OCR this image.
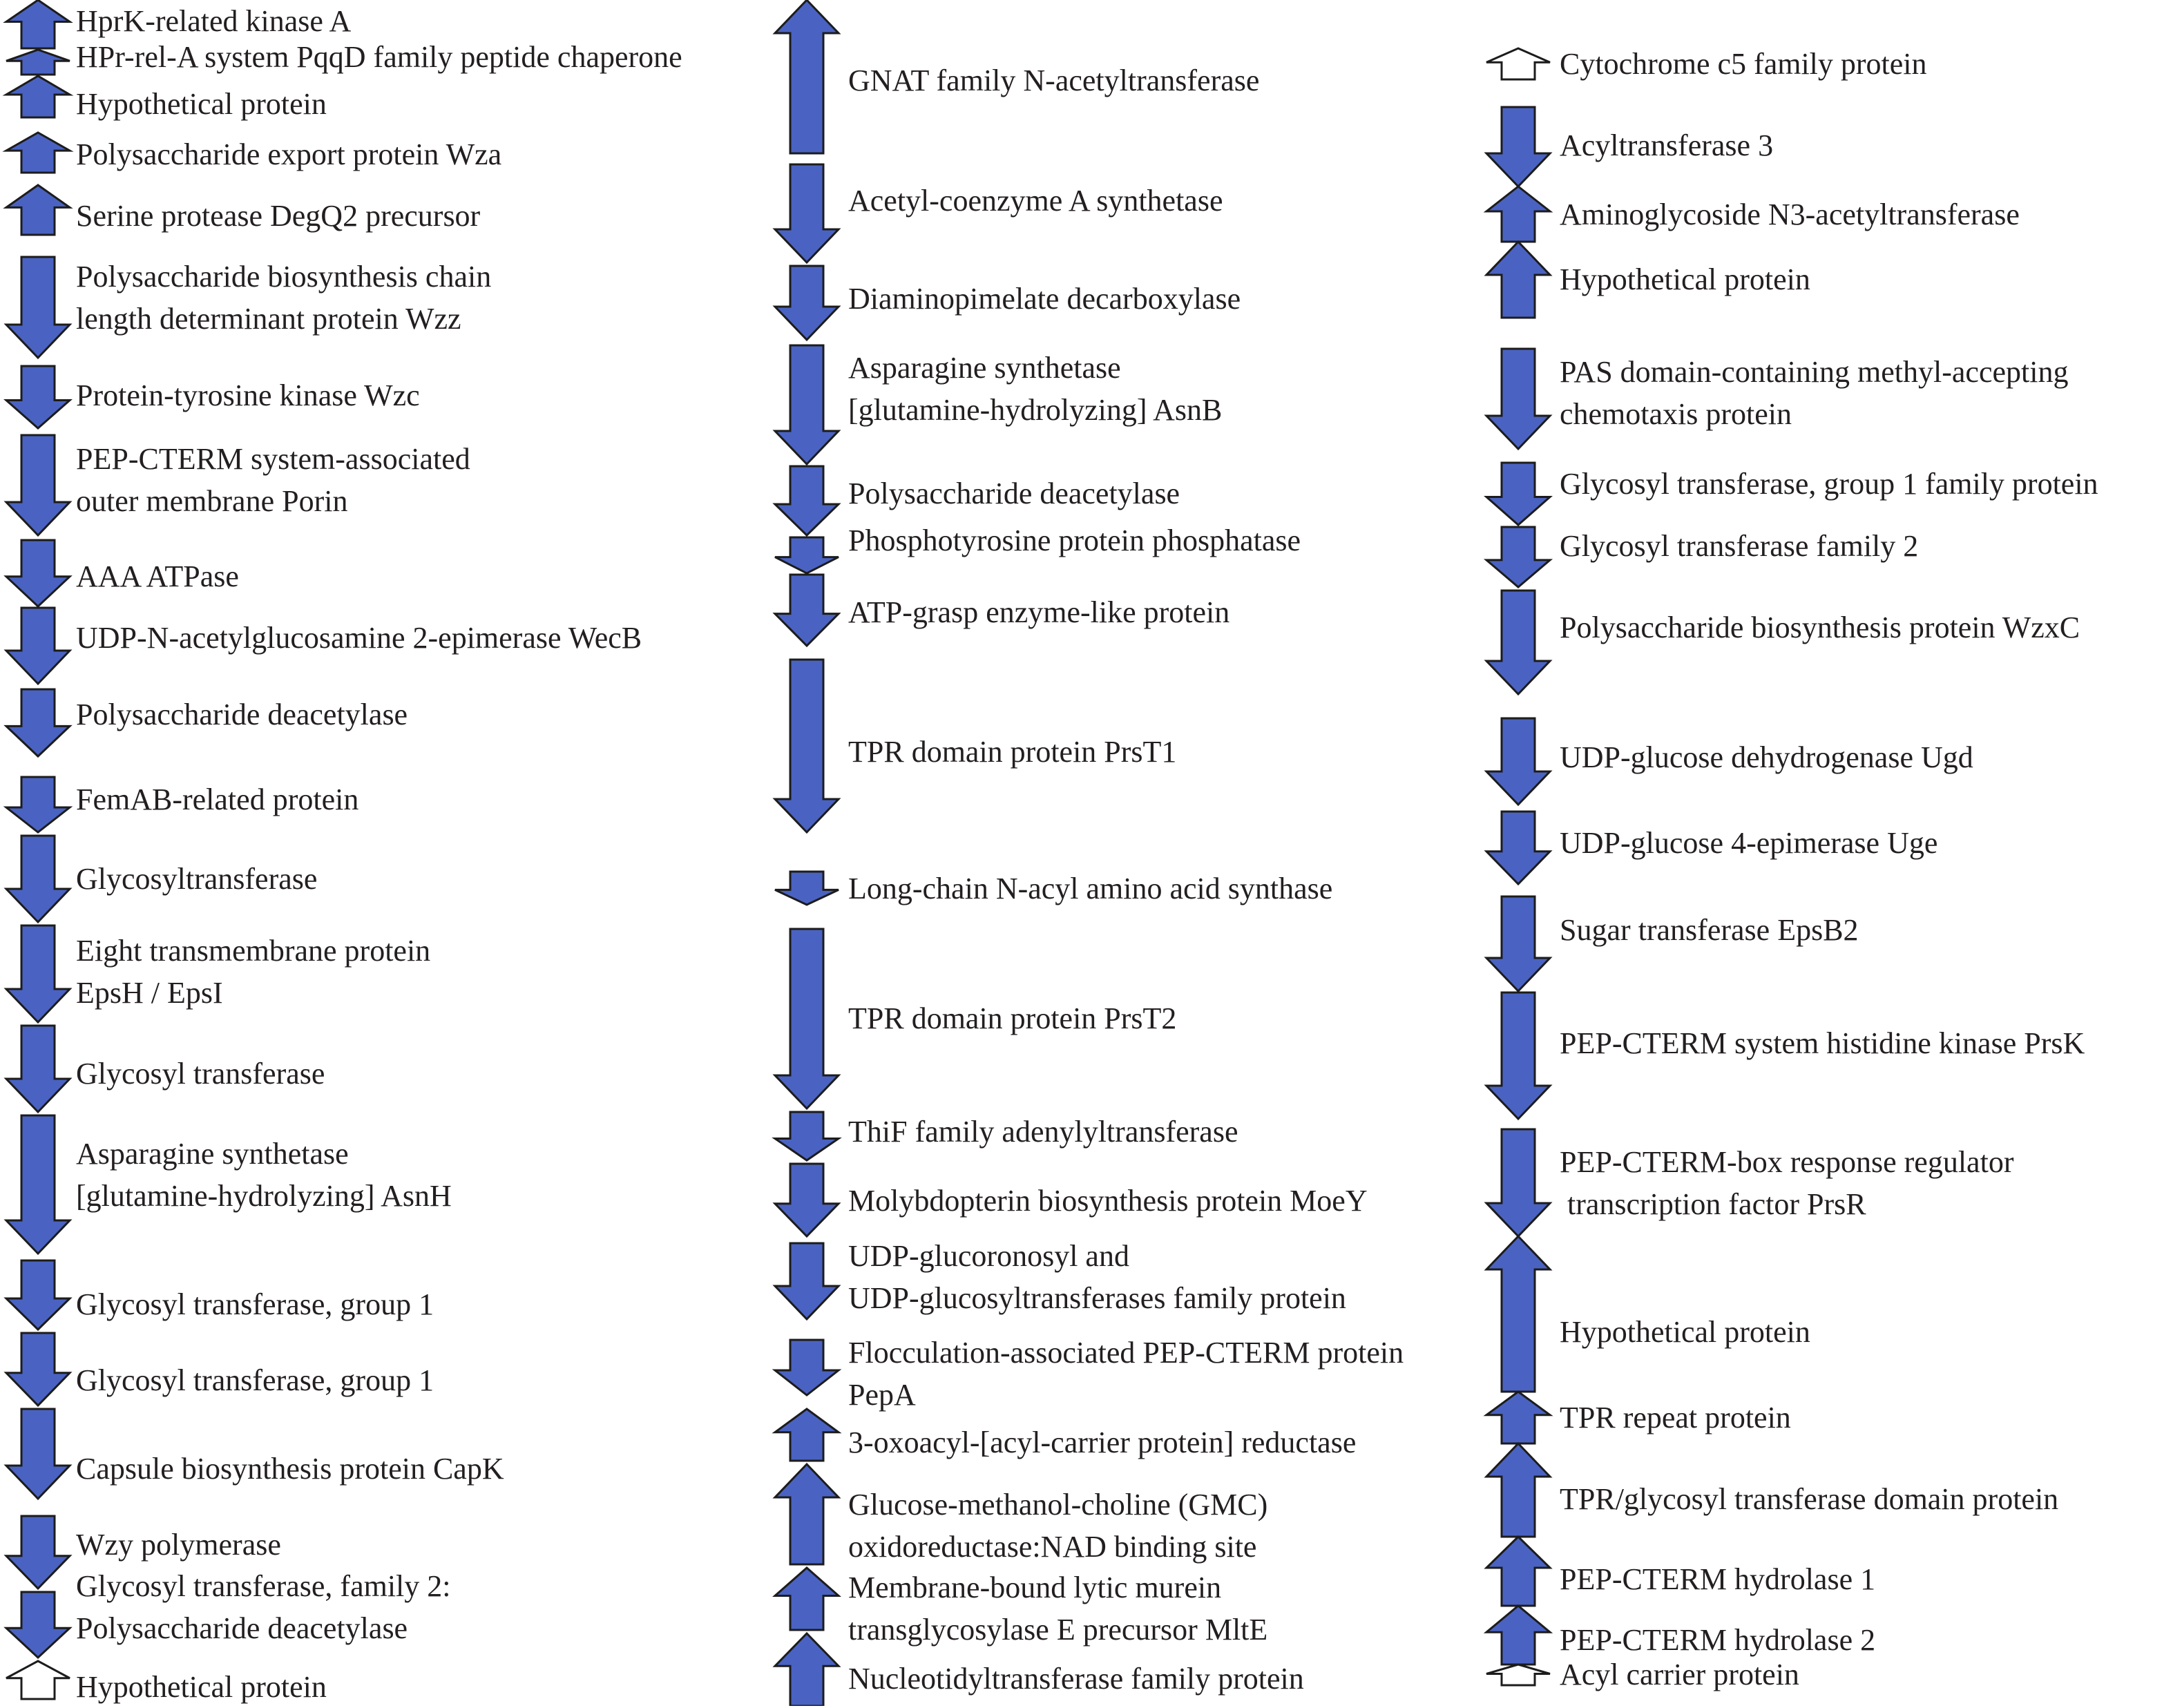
HprK-related kinase A
HPr-rel-A system PqqD family peptide chaperone
Hypothetical protein
Polysaccharide export protein Wza
Serine protease DegQ2 precursor
Polysaccharide biosynthesis chain
length determinant protein Wzz
Protein-tyrosine kinase Wzc
PEP-CTERM system-associated
outer membrane Porin
AAA ATPase
UDP-N-acetylglucosamine 2-epimerase WecB
Polysaccharide deacetylase
FemAB-related protein
Glycosyltransferase
Eight transmembrane protein
EpsH / EpsI
Glycosyl transferase
Asparagine synthetase
[glutamine-hydrolyzing] AsnH
Glycosyl transferase, group 1
Glycosyl transferase, group 1
Capsule biosynthesis protein CapK
Wzy polymerase
Glycosyl transferase, family 2:
Polysaccharide deacetylase
Hypothetical protein
GNAT family N-acetyltransferase
Acetyl-coenzyme A synthetase
Diaminopimelate decarboxylase
Asparagine synthetase
[glutamine-hydrolyzing] AsnB
Polysaccharide deacetylase
Phosphotyrosine protein phosphatase
ATP-grasp enzyme-like protein
TPR domain protein PrsT1
Long-chain N-acyl amino acid synthase
TPR domain protein PrsT2
ThiF family adenylyltransferase
Molybdopterin biosynthesis protein MoeY
UDP-glucoronosyl and
UDP-glucosyltransferases family protein
Flocculation-associated PEP-CTERM protein
PepA
3-oxoacyl-[acyl-carrier protein] reductase
Glucose-methanol-choline (GMC)
oxidoreductase:NAD binding site
Membrane-bound lytic murein
transglycosylase E precursor MltE
Nucleotidyltransferase family protein
Cytochrome c5 family protein
Acyltransferase 3
Aminoglycoside N3-acetyltransferase
Hypothetical protein
PAS domain-containing methyl-accepting
chemotaxis protein
Glycosyl transferase, group 1 family protein
Glycosyl transferase family 2
Polysaccharide biosynthesis protein WzxC
UDP-glucose dehydrogenase Ugd
UDP-glucose 4-epimerase Uge
Sugar transferase EpsB2
PEP-CTERM system histidine kinase PrsK
PEP-CTERM-box response regulator
transcription factor PrsR
Hypothetical protein
TPR repeat protein
TPR/glycosyl transferase domain protein
PEP-CTERM hydrolase 1
PEP-CTERM hydrolase 2
Acyl carrier protein
